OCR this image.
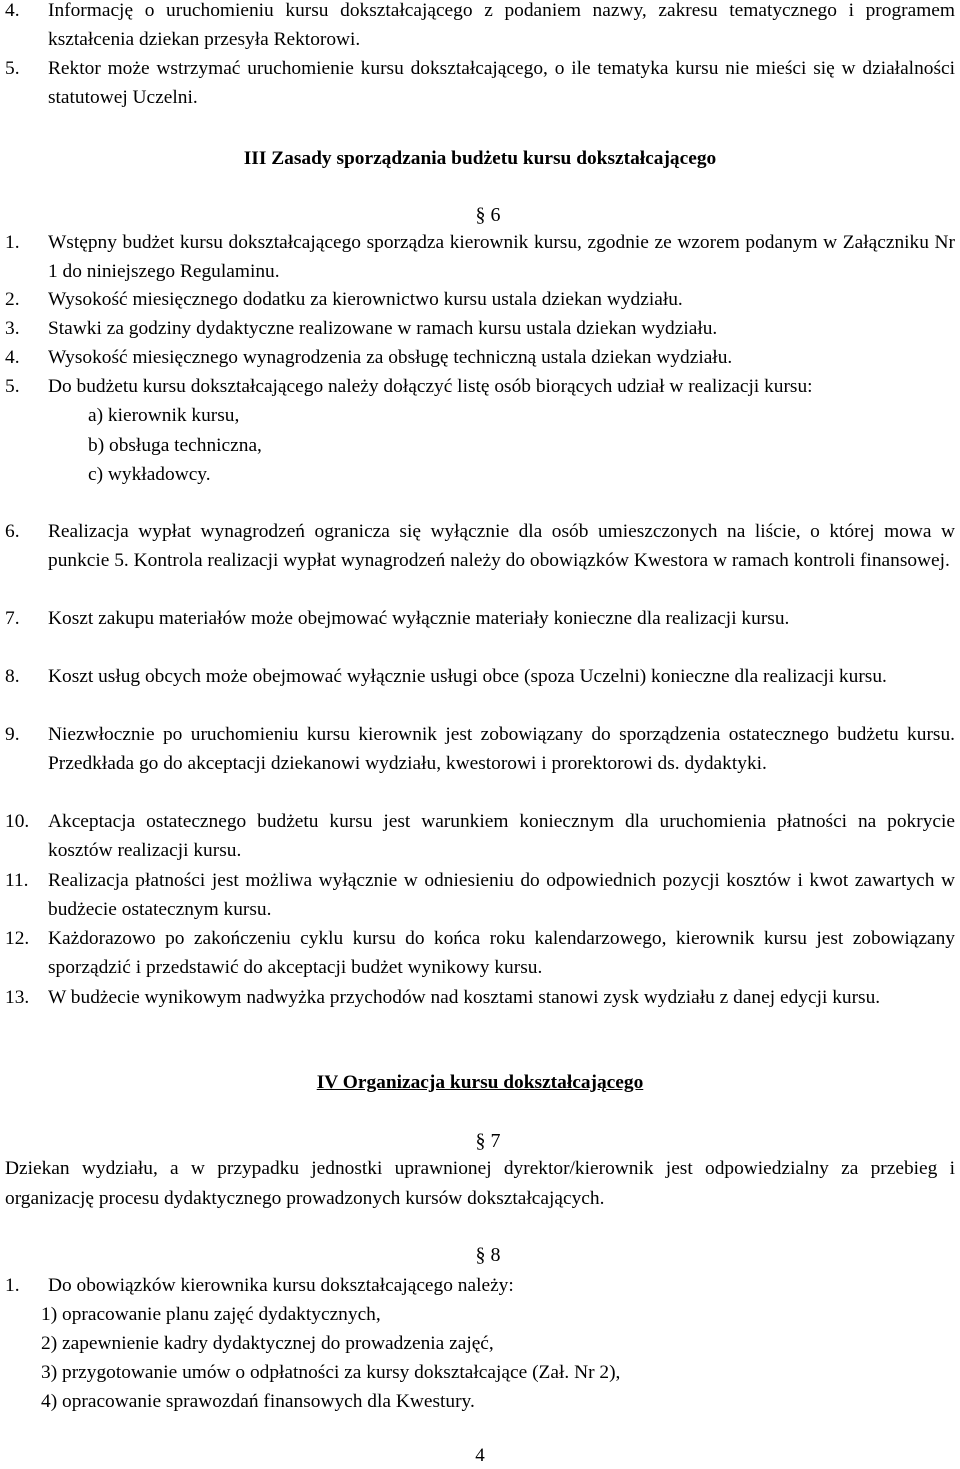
4. Informację o uruchomieniu kursu dokształcającego z podaniem nazwy, zakresu tematycznego i programem kształcenia dziekan przesyła Rektorowi.
5. Rektor może wstrzymać uruchomienie kursu dokształcającego, o ile tematyka kursu nie mieści się w działalności statutowej Uczelni.
III Zasady sporządzania budżetu kursu dokształcającego
§ 6
1. Wstępny budżet kursu dokształcającego sporządza kierownik kursu, zgodnie ze wzorem podanym w Załączniku Nr 1 do niniejszego Regulaminu.
2. Wysokość miesięcznego dodatku za kierownictwo kursu ustala dziekan wydziału.
3. Stawki za godziny dydaktyczne realizowane w ramach kursu ustala dziekan wydziału.
4. Wysokość miesięcznego wynagrodzenia za obsługę techniczną ustala dziekan wydziału.
5. Do budżetu kursu dokształcającego należy dołączyć listę osób biorących udział w realizacji kursu:
a) kierownik kursu,
b) obsługa techniczna,
c) wykładowcy.
6. Realizacja wypłat wynagrodzeń ogranicza się wyłącznie dla osób umieszczonych na liście, o której mowa w punkcie 5. Kontrola realizacji wypłat wynagrodzeń należy do obowiązków Kwestora w ramach kontroli finansowej.
7. Koszt zakupu materiałów może obejmować wyłącznie materiały konieczne dla realizacji kursu.
8. Koszt usług obcych może obejmować wyłącznie usługi obce (spoza Uczelni) konieczne dla realizacji kursu.
9. Niezwłocznie po uruchomieniu kursu kierownik jest zobowiązany do sporządzenia ostatecznego budżetu kursu. Przedkłada go do akceptacji dziekanowi wydziału, kwestorowi i prorektorowi ds. dydaktyki.
10. Akceptacja ostatecznego budżetu kursu jest warunkiem koniecznym dla uruchomienia płatności na pokrycie kosztów realizacji kursu.
11. Realizacja płatności jest możliwa wyłącznie w odniesieniu do odpowiednich pozycji kosztów i kwot zawartych w budżecie ostatecznym kursu.
12. Każdorazowo po zakończeniu cyklu kursu do końca roku kalendarzowego, kierownik kursu jest zobowiązany sporządzić i przedstawić do akceptacji budżet wynikowy kursu.
13. W budżecie wynikowym nadwyżka przychodów nad kosztami stanowi zysk wydziału z danej edycji kursu.
IV Organizacja kursu dokształcającego
§ 7
Dziekan wydziału, a w przypadku jednostki uprawnionej dyrektor/kierownik jest odpowiedzialny za przebieg i organizację procesu dydaktycznego prowadzonych kursów dokształcających.
§ 8
1. Do obowiązków kierownika kursu dokształcającego należy:
1) opracowanie planu zajęć dydaktycznych,
2) zapewnienie kadry dydaktycznej do prowadzenia zajęć,
3) przygotowanie umów o odpłatności za kursy dokształcające (Zał. Nr 2),
4) opracowanie sprawozdań finansowych dla Kwestury.
4
